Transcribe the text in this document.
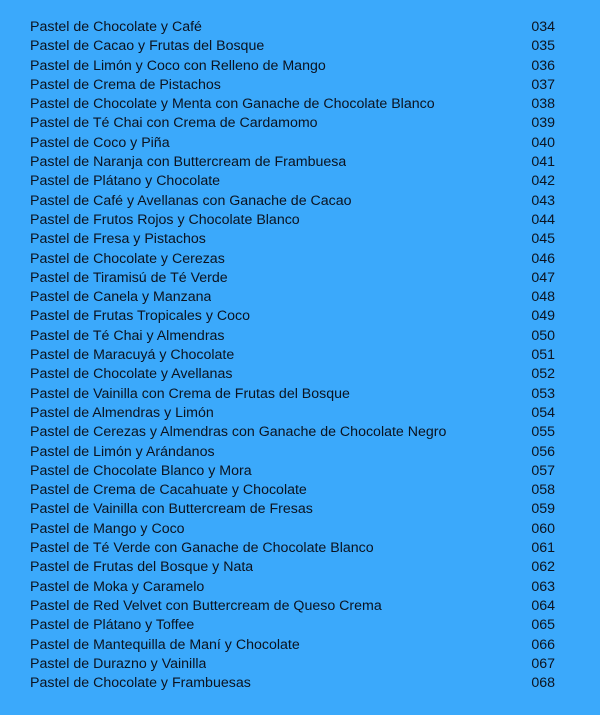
Pastel de Chocolate y Café	034
Pastel de Cacao y Frutas del Bosque	035
Pastel de Limón y Coco con Relleno de Mango	036
Pastel de Crema de Pistachos	037
Pastel de Chocolate y Menta con Ganache de Chocolate Blanco	038
Pastel de Té Chai con Crema de Cardamomo	039
Pastel de Coco y Piña	040
Pastel de Naranja con Buttercream de Frambuesa	041
Pastel de Plátano y Chocolate	042
Pastel de Café y Avellanas con Ganache de Cacao	043
Pastel de Frutos Rojos y Chocolate Blanco	044
Pastel de Fresa y Pistachos	045
Pastel de Chocolate y Cerezas	046
Pastel de Tiramisú de Té Verde	047
Pastel de Canela y Manzana	048
Pastel de Frutas Tropicales y Coco	049
Pastel de Té Chai y Almendras	050
Pastel de Maracuyá y Chocolate	051
Pastel de Chocolate y Avellanas	052
Pastel de Vainilla con Crema de Frutas del Bosque	053
Pastel de Almendras y Limón	054
Pastel de Cerezas y Almendras con Ganache de Chocolate Negro	055
Pastel de Limón y Arándanos	056
Pastel de Chocolate Blanco y Mora	057
Pastel de Crema de Cacahuate y Chocolate	058
Pastel de Vainilla con Buttercream de Fresas	059
Pastel de Mango y Coco	060
Pastel de Té Verde con Ganache de Chocolate Blanco	061
Pastel de Frutas del Bosque y Nata	062
Pastel de Moka y Caramelo	063
Pastel de Red Velvet con Buttercream de Queso Crema	064
Pastel de Plátano y Toffee	065
Pastel de Mantequilla de Maní y Chocolate	066
Pastel de Durazno y Vainilla	067
Pastel de Chocolate y Frambuesas	068
